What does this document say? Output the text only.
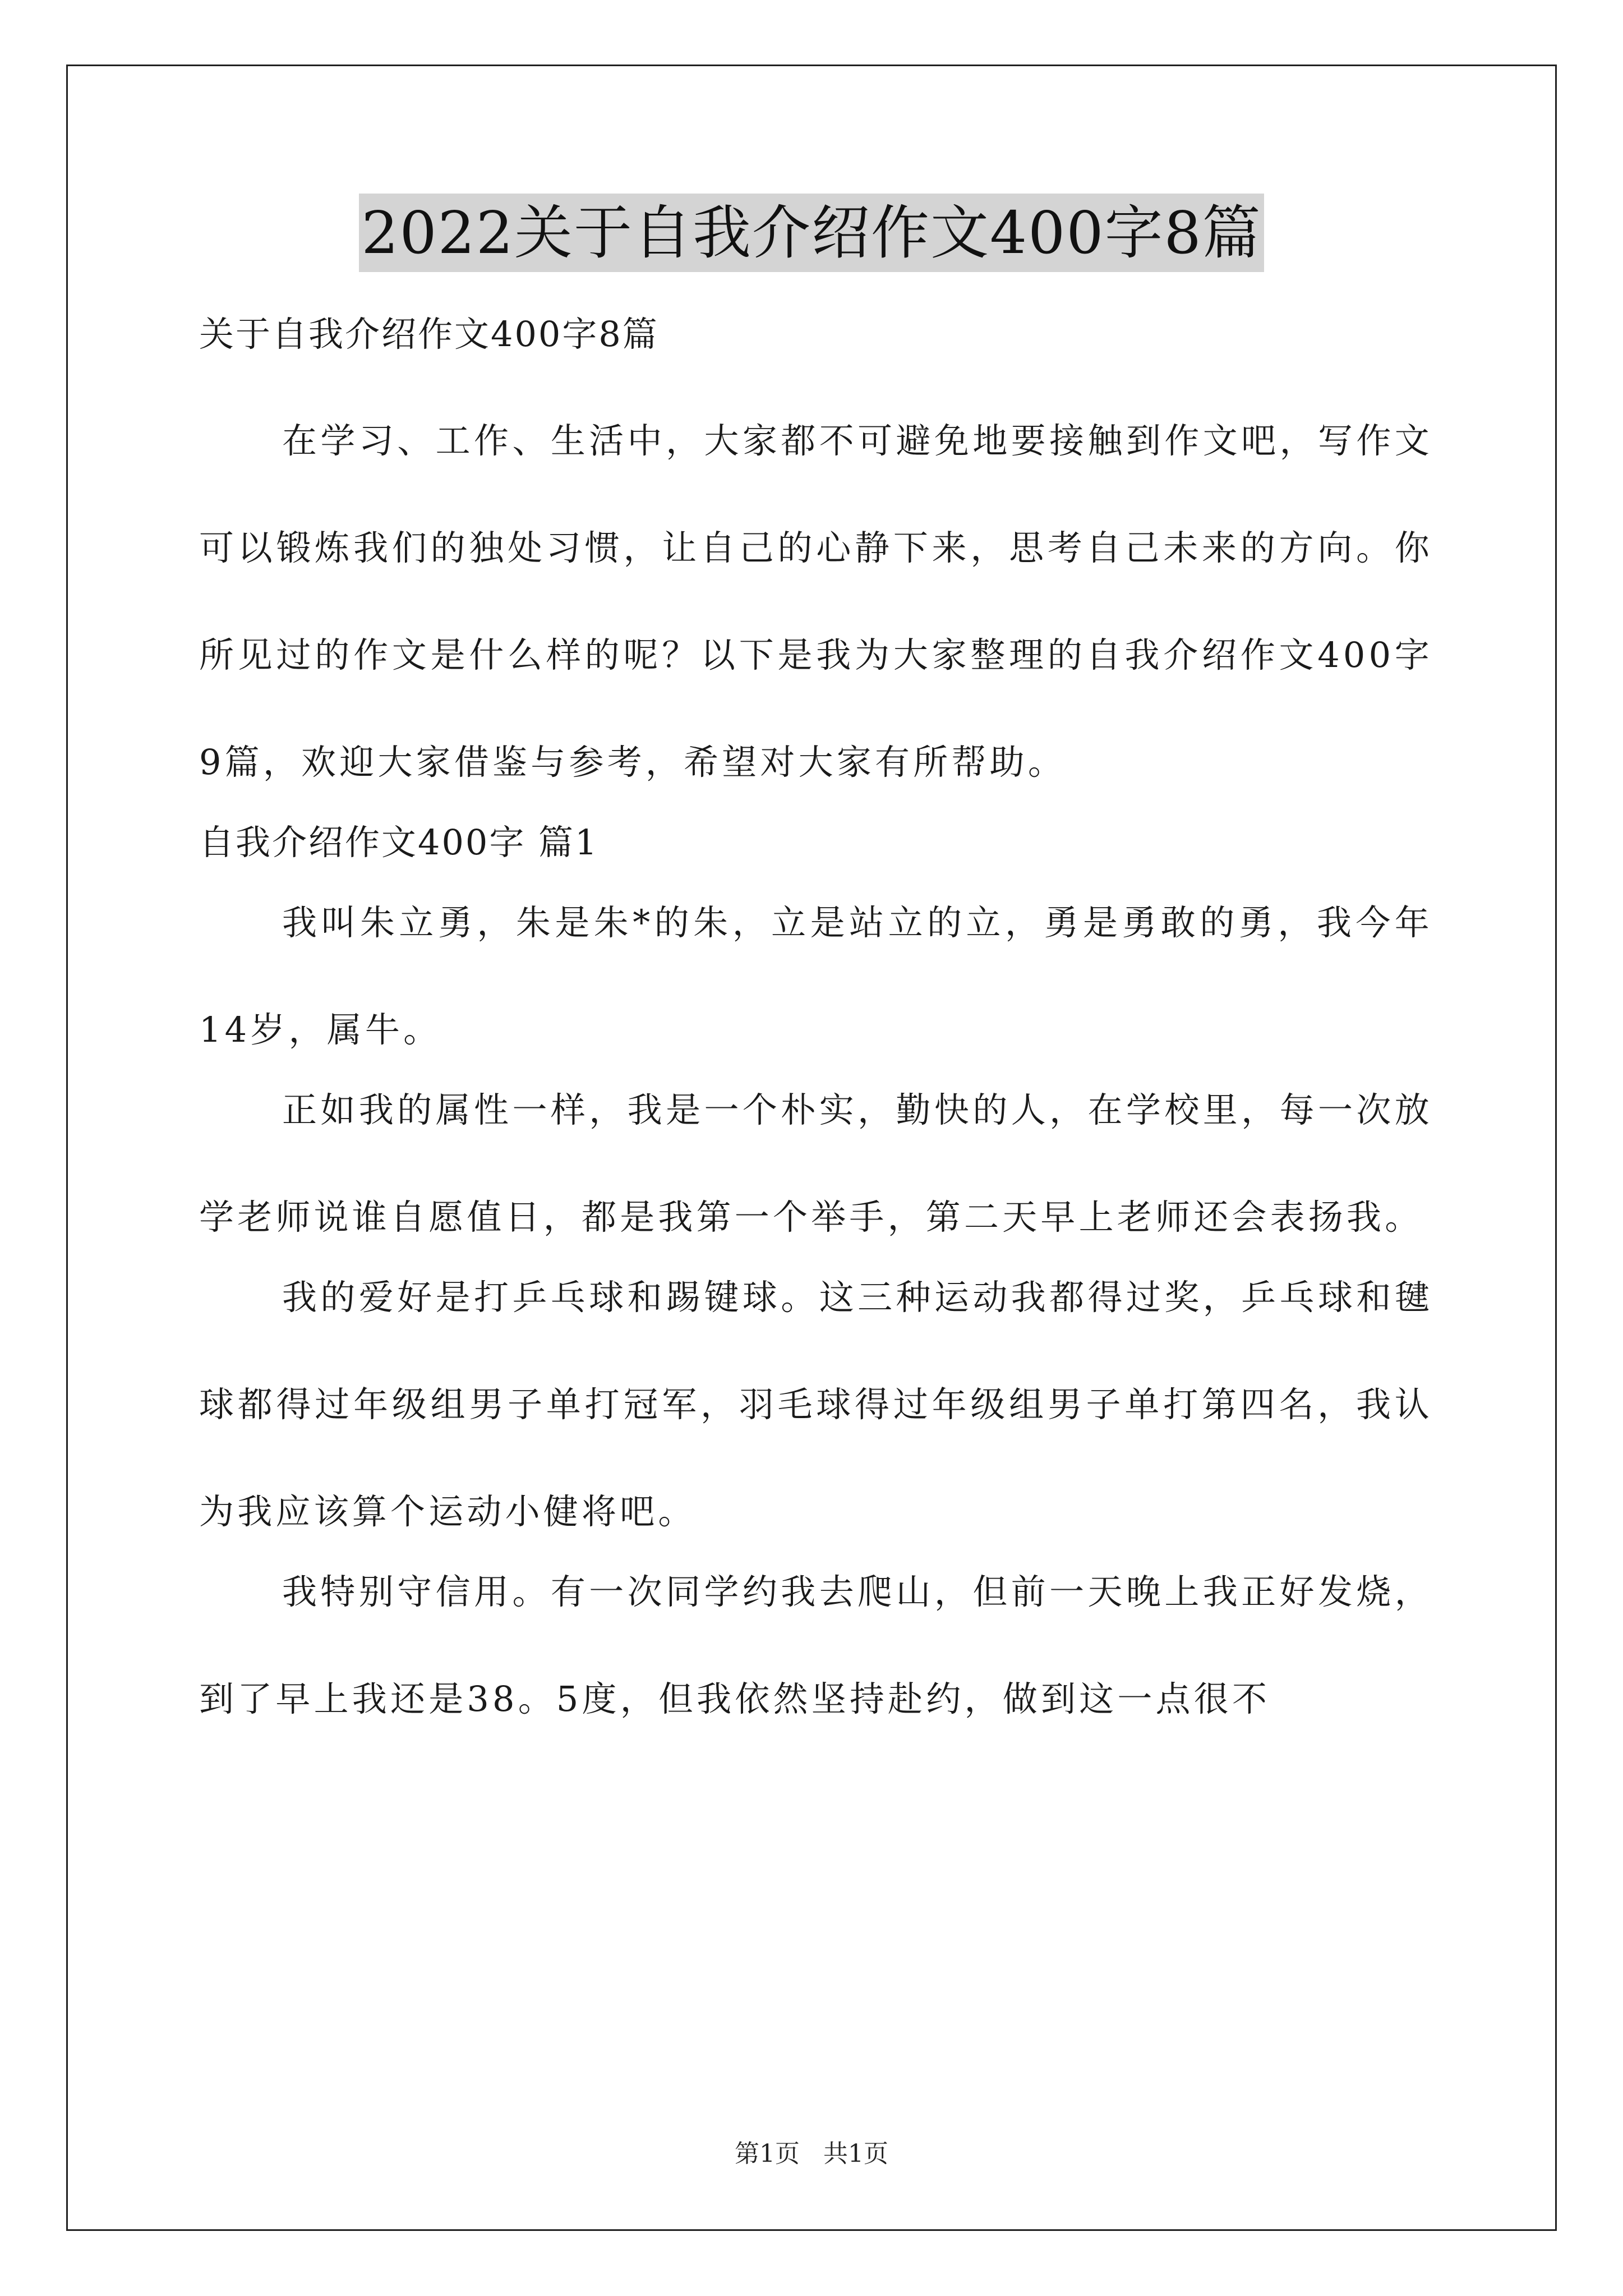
2022关于自我介绍作文400字8篇

关于自我介绍作文400字8篇

在学习、工作、生活中，大家都不可避免地要接触到作文吧，写作文可以锻炼我们的独处习惯，让自己的心静下来，思考自己未来的方向。你所见过的作文是什么样的呢？以下是我为大家整理的自我介绍作文400字9篇，欢迎大家借鉴与参考，希望对大家有所帮助。

自我介绍作文400字 篇1

我叫朱立勇，朱是朱*的朱，立是站立的立，勇是勇敢的勇，我今年14岁，属牛。

正如我的属性一样，我是一个朴实，勤快的人，在学校里，每一次放学老师说谁自愿值日，都是我第一个举手，第二天早上老师还会表扬我。

我的爱好是打乒乓球和踢键球。这三种运动我都得过奖，乒乓球和毽球都得过年级组男子单打冠军，羽毛球得过年级组男子单打第四名，我认为我应该算个运动小健将吧。

我特别守信用。有一次同学约我去爬山，但前一天晚上我正好发烧，到了早上我还是38。5度，但我依然坚持赴约，做到这一点很不

第1页 共1页
